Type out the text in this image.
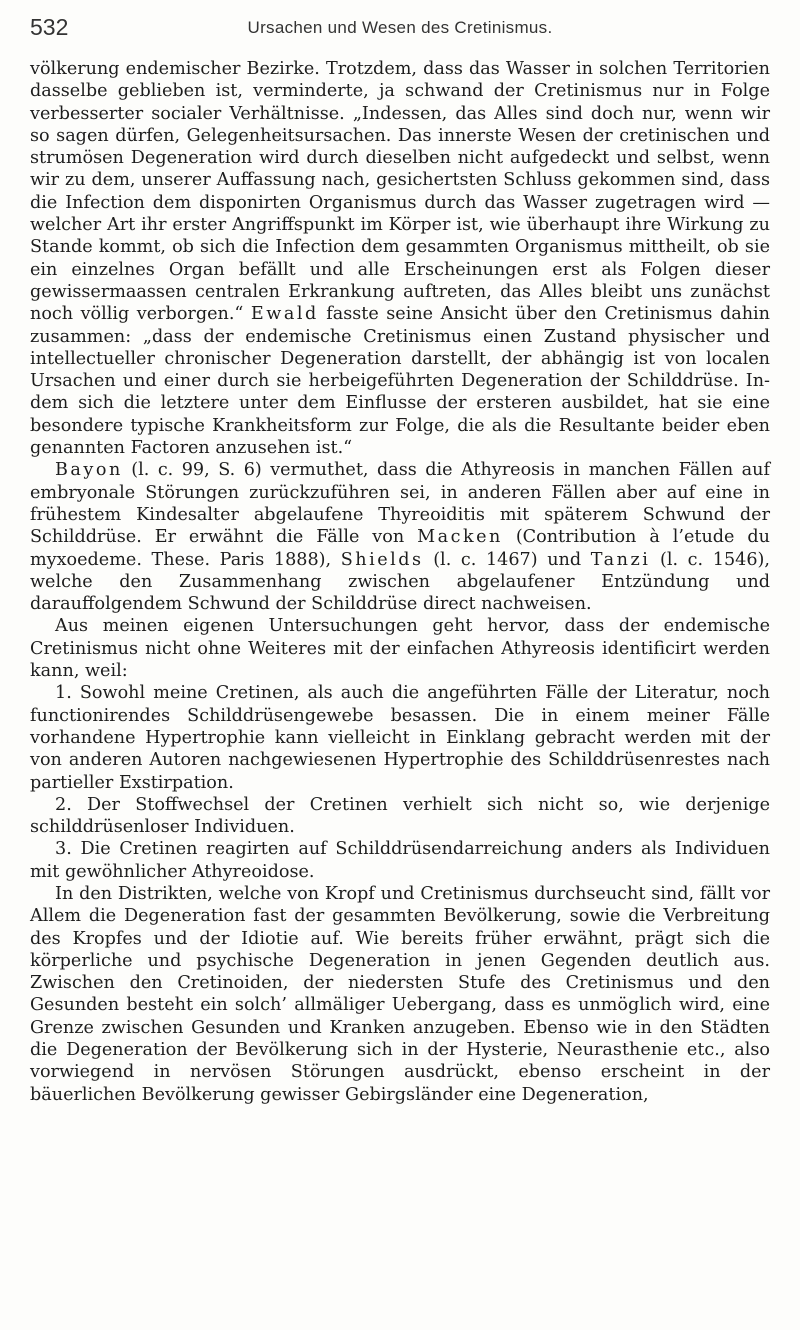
532	Ursachen und Wesen des Cretinismus.

völkerung endemischer Bezirke. Trotzdem, dass das Wasser in solchen Territorien dasselbe geblieben ist, verminderte, ja schwand der Cretinismus nur in Folge verbesserter socialer Verhältnisse. „Indessen, das Alles sind doch nur, wenn wir so sagen dürfen, Gelegenheitsursachen. Das innerste Wesen der cretinischen und strumösen Degeneration wird durch dieselben nicht aufgedeckt und selbst, wenn wir zu dem, unserer Auffassung nach, gesichertsten Schluss gekommen sind, dass die Infection dem disponirten Organismus durch das Wasser zugetragen wird — welcher Art ihr erster Angriffspunkt im Körper ist, wie überhaupt ihre Wirkung zu Stande kommt, ob sich die Infection dem gesammten Organismus mittheilt, ob sie ein einzelnes Organ befällt und alle Erscheinungen erst als Folgen dieser gewissermaassen centralen Erkrankung auftreten, das Alles bleibt uns zunächst noch völlig verborgen.“ Ewald fasste seine Ansicht über den Cretinismus dahin zusammen: „dass der endemische Cretinismus einen Zustand physischer und intellectueller chronischer Degeneration darstellt, der abhängig ist von localen Ursachen und einer durch sie herbeigeführten Degeneration der Schilddrüse. Indem sich die letztere unter dem Einflusse der ersteren ausbildet, hat sie eine besondere typische Krankheitsform zur Folge, die als die Resultante beider eben genannten Factoren anzusehen ist.“

Bayon (l. c. 99, S. 6) vermuthet, dass die Athyreosis in manchen Fällen auf embryonale Störungen zurückzuführen sei, in anderen Fällen aber auf eine in frühestem Kindesalter abgelaufene Thyreoiditis mit späterem Schwund der Schilddrüse. Er erwähnt die Fälle von Macken (Contribution à l’etude du myxoedeme. These. Paris 1888), Shields (l. c. 1467) und Tanzi (l. c. 1546), welche den Zusammenhang zwischen abgelaufener Entzündung und darauffolgendem Schwund der Schilddrüse direct nachweisen.

Aus meinen eigenen Untersuchungen geht hervor, dass der endemische Cretinismus nicht ohne Weiteres mit der einfachen Athyreosis identificirt werden kann, weil:

1. Sowohl meine Cretinen, als auch die angeführten Fälle der Literatur, noch functionirendes Schilddrüsengewebe besassen. Die in einem meiner Fälle vorhandene Hypertrophie kann vielleicht in Einklang gebracht werden mit der von anderen Autoren nachgewiesenen Hypertrophie des Schilddrüsenrestes nach partieller Exstirpation.

2. Der Stoffwechsel der Cretinen verhielt sich nicht so, wie derjenige schilddrüsenloser Individuen.

3. Die Cretinen reagirten auf Schilddrüsendarreichung anders als Individuen mit gewöhnlicher Athyreoidose.

In den Distrikten, welche von Kropf und Cretinismus durchseucht sind, fällt vor Allem die Degeneration fast der gesammten Bevölkerung, sowie die Verbreitung des Kropfes und der Idiotie auf. Wie bereits früher erwähnt, prägt sich die körperliche und psychische Degeneration in jenen Gegenden deutlich aus. Zwischen den Cretinoiden, der niedersten Stufe des Cretinismus und den Gesunden besteht ein solch’ allmäliger Uebergang, dass es unmöglich wird, eine Grenze zwischen Gesunden und Kranken anzugeben. Ebenso wie in den Städten die Degeneration der Bevölkerung sich in der Hysterie, Neurasthenie etc., also vorwiegend in nervösen Störungen ausdrückt, ebenso erscheint in der bäuerlichen Bevölkerung gewisser Gebirgsländer eine Degeneration,
